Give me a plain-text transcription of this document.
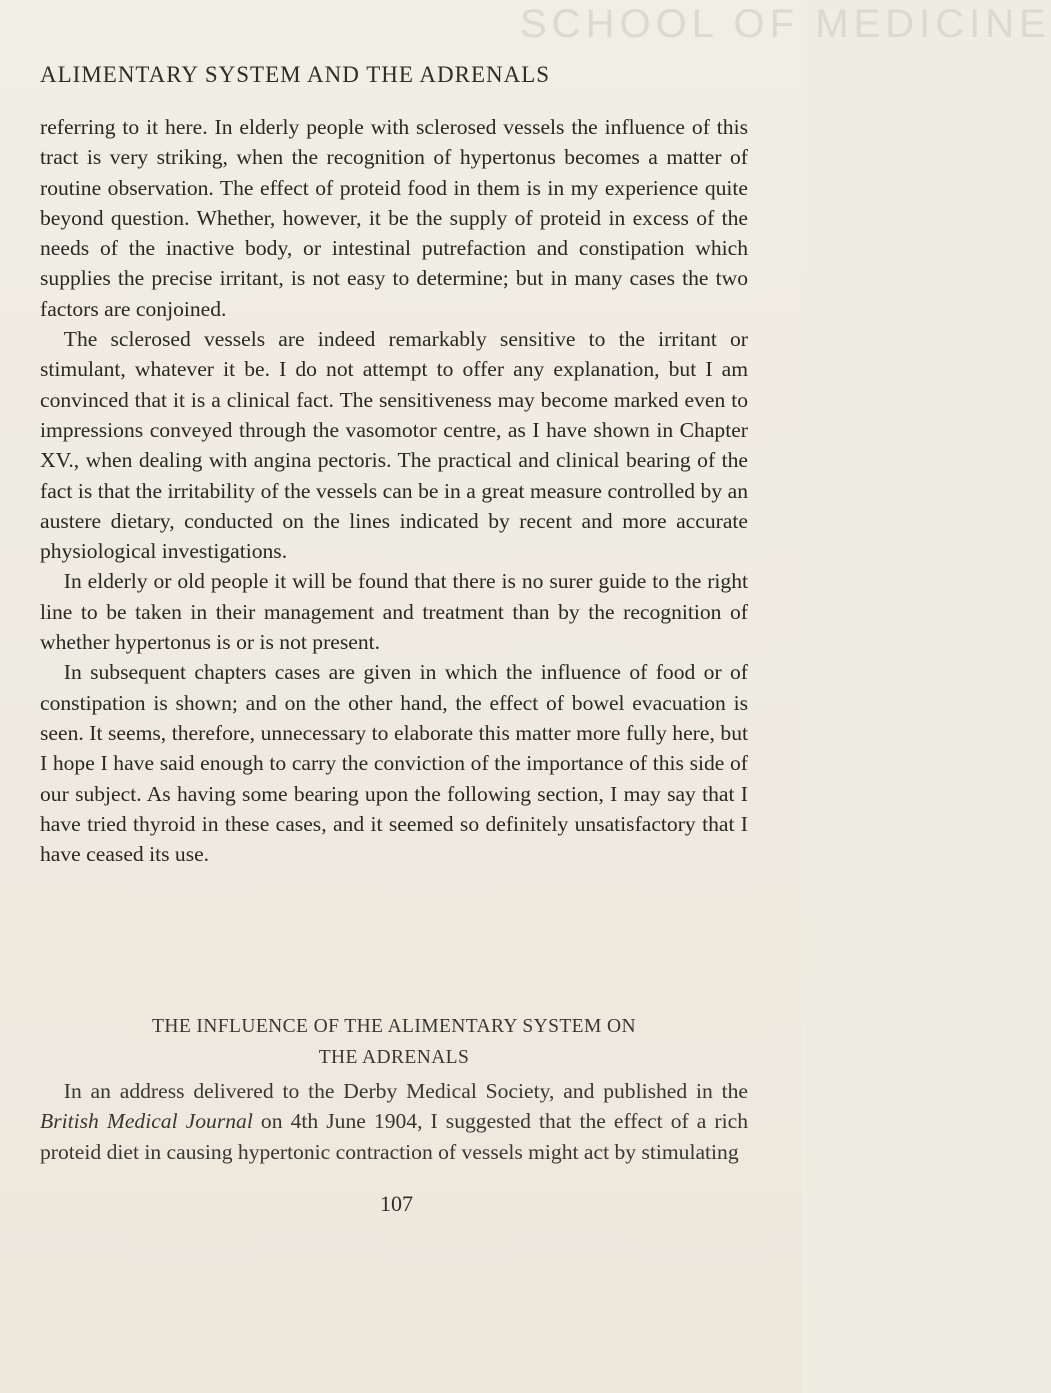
SCHOOL OF MEDICINE
ALIMENTARY SYSTEM AND THE ADRENALS

referring to it here. In elderly people with sclerosed vessels the influence of this tract is very striking, when the recognition of hypertonus becomes a matter of routine observation. The effect of proteid food in them is in my experience quite beyond question. Whether, however, it be the supply of proteid in excess of the needs of the inactive body, or intestinal putrefaction and constipation which supplies the precise irritant, is not easy to determine; but in many cases the two factors are conjoined.

The sclerosed vessels are indeed remarkably sensitive to the irritant or stimulant, whatever it be. I do not attempt to offer any explanation, but I am convinced that it is a clinical fact. The sensitiveness may become marked even to impressions conveyed through the vasomotor centre, as I have shown in Chapter XV., when dealing with angina pectoris. The practical and clinical bearing of the fact is that the irritability of the vessels can be in a great measure controlled by an austere dietary, conducted on the lines indicated by recent and more accurate physiological investigations.

In elderly or old people it will be found that there is no surer guide to the right line to be taken in their management and treatment than by the recognition of whether hypertonus is or is not present.

In subsequent chapters cases are given in which the influence of food or of constipation is shown; and on the other hand, the effect of bowel evacuation is seen. It seems, therefore, unnecessary to elaborate this matter more fully here, but I hope I have said enough to carry the conviction of the importance of this side of our subject. As having some bearing upon the following section, I may say that I have tried thyroid in these cases, and it seemed so definitely unsatisfactory that I have ceased its use.

THE INFLUENCE OF THE ALIMENTARY SYSTEM ON
THE ADRENALS

In an address delivered to the Derby Medical Society, and published in the British Medical Journal on 4th June 1904, I suggested that the effect of a rich proteid diet in causing hypertonic contraction of vessels might act by stimulating

107
